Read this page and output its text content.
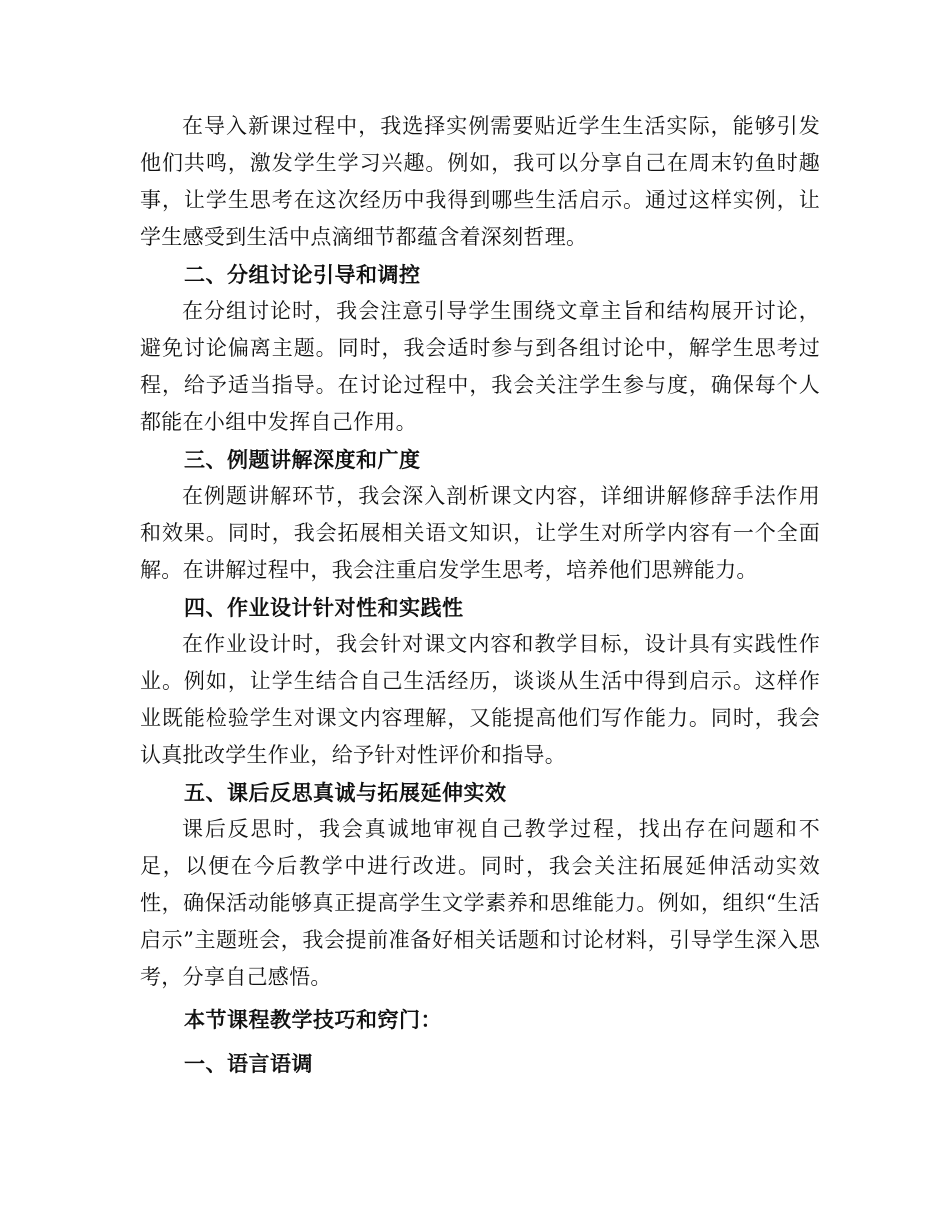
在导入新课过程中，我选择实例需要贴近学生生活实际，能够引发他们共鸣，激发学生学习兴趣。例如，我可以分享自己在周末钓鱼时趣事，让学生思考在这次经历中我得到哪些生活启示。通过这样实例，让学生感受到生活中点滴细节都蕴含着深刻哲理。

二、分组讨论引导和调控

在分组讨论时，我会注意引导学生围绕文章主旨和结构展开讨论，避免讨论偏离主题。同时，我会适时参与到各组讨论中，解学生思考过程，给予适当指导。在讨论过程中，我会关注学生参与度，确保每个人都能在小组中发挥自己作用。

三、例题讲解深度和广度

在例题讲解环节，我会深入剖析课文内容，详细讲解修辞手法作用和效果。同时，我会拓展相关语文知识，让学生对所学内容有一个全面解。在讲解过程中，我会注重启发学生思考，培养他们思辨能力。

四、作业设计针对性和实践性

在作业设计时，我会针对课文内容和教学目标，设计具有实践性作业。例如，让学生结合自己生活经历，谈谈从生活中得到启示。这样作业既能检验学生对课文内容理解，又能提高他们写作能力。同时，我会认真批改学生作业，给予针对性评价和指导。

五、课后反思真诚与拓展延伸实效

课后反思时，我会真诚地审视自己教学过程，找出存在问题和不足，以便在今后教学中进行改进。同时，我会关注拓展延伸活动实效性，确保活动能够真正提高学生文学素养和思维能力。例如，组织“生活启示”主题班会，我会提前准备好相关话题和讨论材料，引导学生深入思考，分享自己感悟。

本节课程教学技巧和窍门：

一、语言语调
